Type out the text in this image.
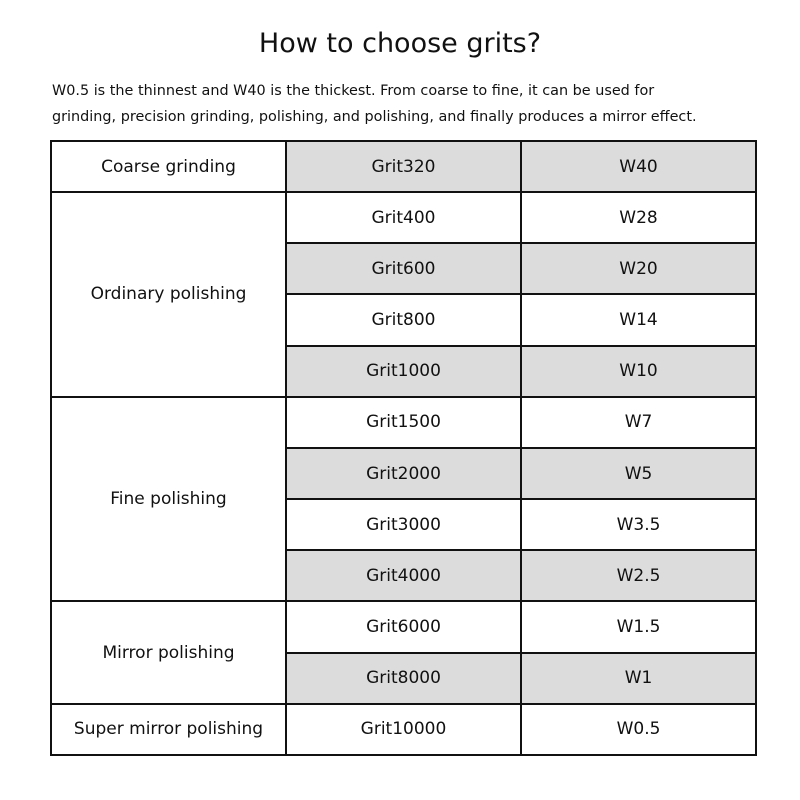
How to choose grits?
W0.5 is the thinnest and W40 is the thickest. From coarse to fine, it can be used for
grinding, precision grinding, polishing, and polishing, and finally produces a mirror effect.
Coarse grinding	Grit320	W40
Ordinary polishing	Grit400	W28
	Grit600	W20
	Grit800	W14
	Grit1000	W10
Fine polishing	Grit1500	W7
	Grit2000	W5
	Grit3000	W3.5
	Grit4000	W2.5
Mirror polishing	Grit6000	W1.5
	Grit8000	W1
Super mirror polishing	Grit10000	W0.5
